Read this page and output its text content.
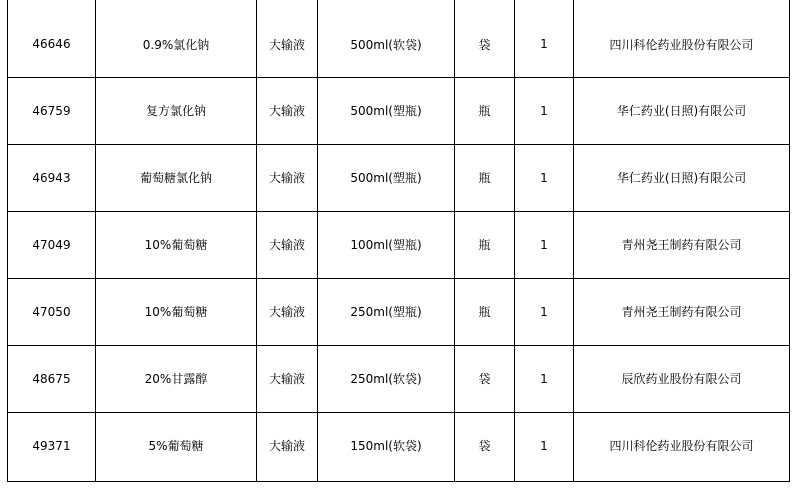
46646	0.9%氯化钠	大输液	500ml(软袋)	袋	1	四川科伦药业股份有限公司
46759	复方氯化钠	大输液	500ml(塑瓶)	瓶	1	华仁药业(日照)有限公司
46943	葡萄糖氯化钠	大输液	500ml(塑瓶)	瓶	1	华仁药业(日照)有限公司
47049	10%葡萄糖	大输液	100ml(塑瓶)	瓶	1	青州尧王制药有限公司
47050	10%葡萄糖	大输液	250ml(塑瓶)	瓶	1	青州尧王制药有限公司
48675	20%甘露醇	大输液	250ml(软袋)	袋	1	辰欣药业股份有限公司
49371	5%葡萄糖	大输液	150ml(软袋)	袋	1	四川科伦药业股份有限公司
